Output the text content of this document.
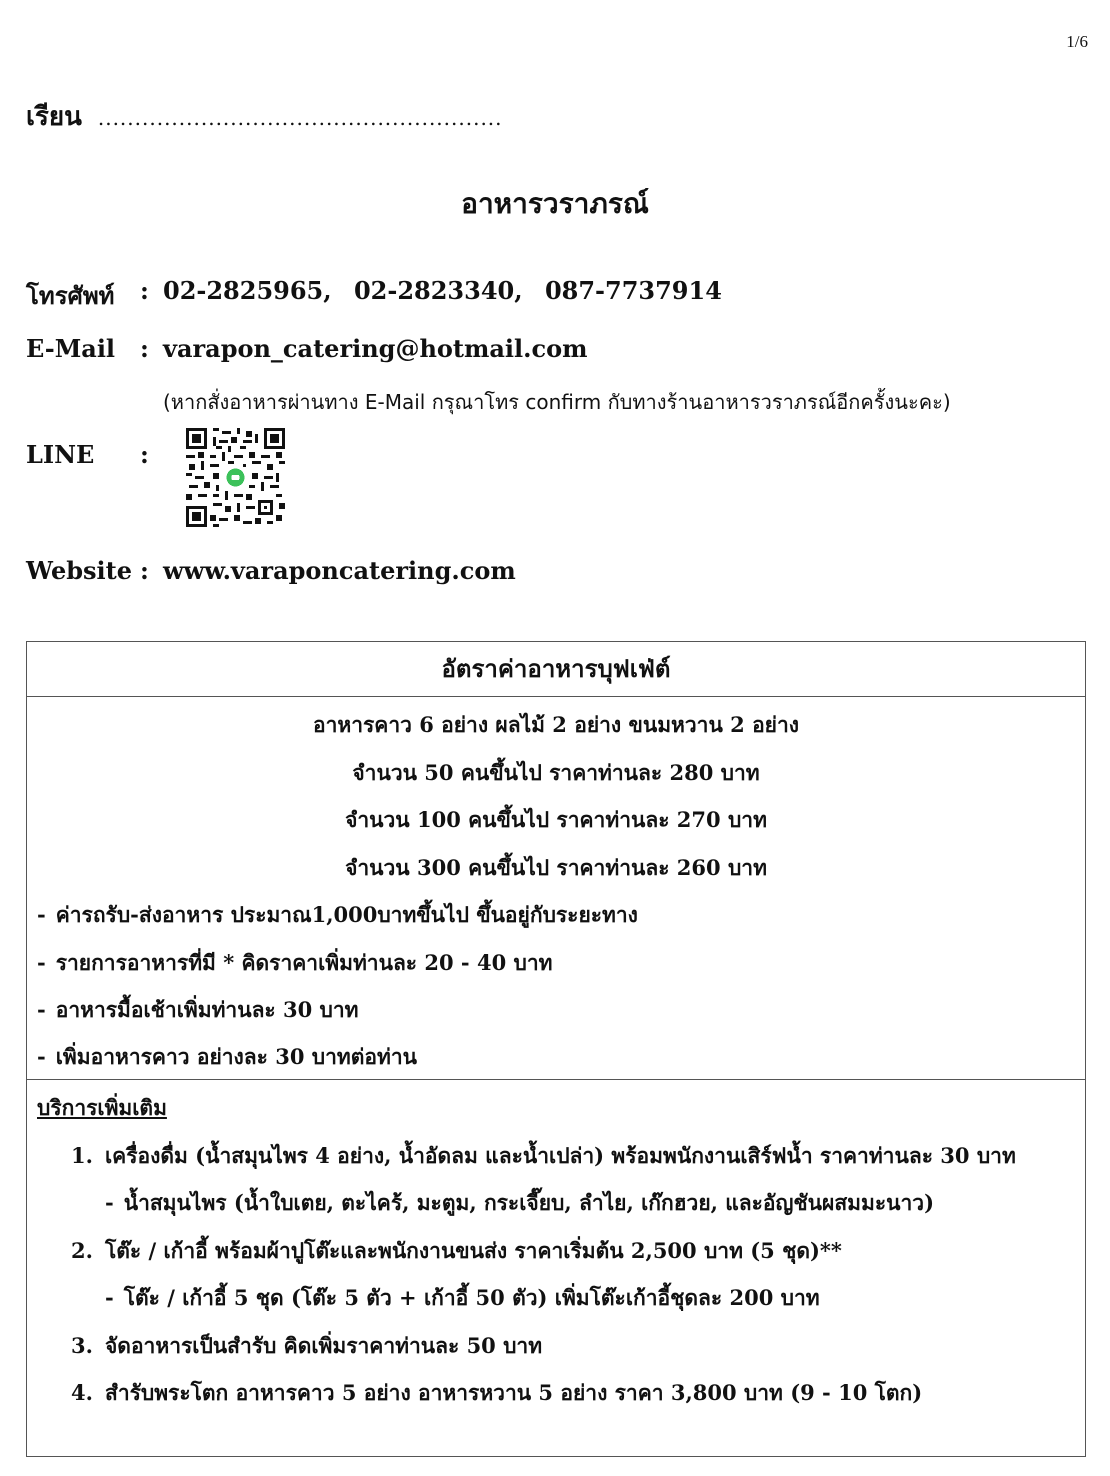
1/6
เรียน .......................................................
อาหารวราภรณ์
โทรศัพท์ : 02-2825965, 02-2823340, 087-7737914
E-Mail : varapon_catering@hotmail.com
(หากสั่งอาหารผ่านทาง E-Mail กรุณาโทร confirm กับทางร้านอาหารวราภรณ์อีกครั้งนะคะ)
LINE :
Website : www.varaponcatering.com
อัตราค่าอาหารบุฟเฟ่ต์
อาหารคาว 6 อย่าง ผลไม้ 2 อย่าง ขนมหวาน 2 อย่าง
จำนวน 50 คนขึ้นไป ราคาท่านละ 280 บาท
จำนวน 100 คนขึ้นไป ราคาท่านละ 270 บาท
จำนวน 300 คนขึ้นไป ราคาท่านละ 260 บาท
- ค่ารถรับ-ส่งอาหาร ประมาณ1,000บาทขึ้นไป ขึ้นอยู่กับระยะทาง
- รายการอาหารที่มี * คิดราคาเพิ่มท่านละ 20 - 40 บาท
- อาหารมื้อเช้าเพิ่มท่านละ 30 บาท
- เพิ่มอาหารคาว อย่างละ 30 บาทต่อท่าน
บริการเพิ่มเติม
1. เครื่องดื่ม (น้ำสมุนไพร 4 อย่าง, น้ำอัดลม และน้ำเปล่า) พร้อมพนักงานเสิร์ฟน้ำ ราคาท่านละ 30 บาท
- น้ำสมุนไพร (น้ำใบเตย, ตะไคร้, มะตูม, กระเจี๊ยบ, ลำไย, เก๊กฮวย, และอัญชันผสมมะนาว)
2. โต๊ะ / เก้าอี้ พร้อมผ้าปูโต๊ะและพนักงานขนส่ง ราคาเริ่มต้น 2,500 บาท (5 ชุด)**
- โต๊ะ / เก้าอี้ 5 ชุด (โต๊ะ 5 ตัว + เก้าอี้ 50 ตัว) เพิ่มโต๊ะเก้าอี้ชุดละ 200 บาท
3. จัดอาหารเป็นสำรับ คิดเพิ่มราคาท่านละ 50 บาท
4. สำรับพระโตก อาหารคาว 5 อย่าง อาหารหวาน 5 อย่าง ราคา 3,800 บาท (9 - 10 โตก)
